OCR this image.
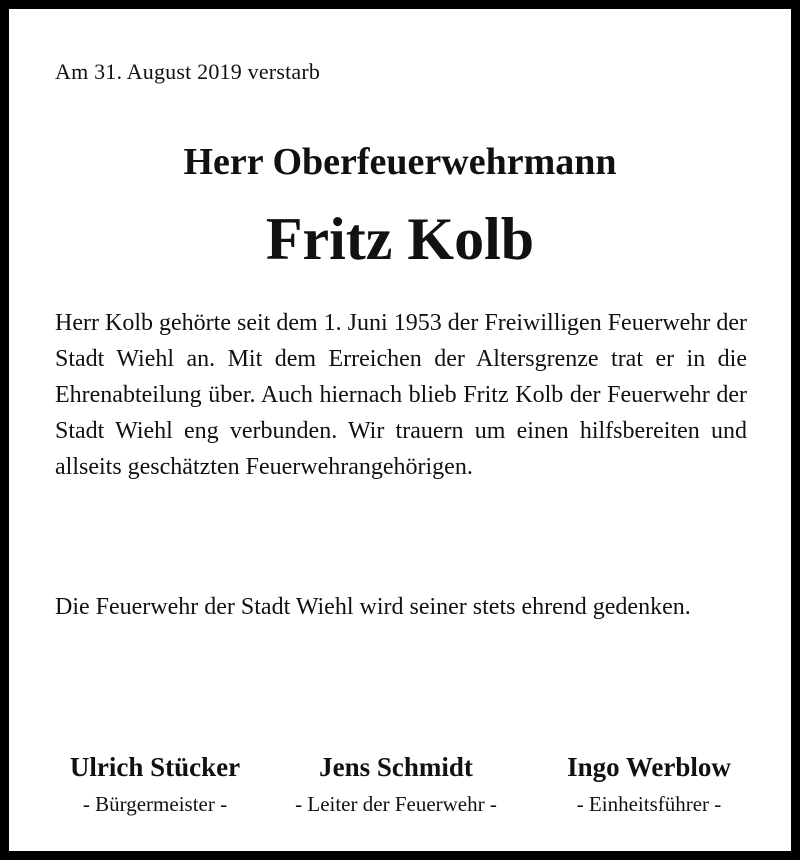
Am 31. August 2019 verstarb
Herr Oberfeuerwehrmann
Fritz Kolb
Herr Kolb gehörte seit dem 1. Juni 1953 der Freiwilligen Feuerwehr der Stadt Wiehl an. Mit dem Erreichen der Altersgrenze trat er in die Ehrenabteilung über. Auch hiernach blieb Fritz Kolb der Feuerwehr der Stadt Wiehl eng verbunden. Wir trauern um einen hilfsbereiten und allseits geschätzten Feuerwehrangehörigen.
Die Feuerwehr der Stadt Wiehl wird seiner stets ehrend gedenken.
Ulrich Stücker
- Bürgermeister -
Jens Schmidt
- Leiter der Feuerwehr -
Ingo Werblow
- Einheitsführer -
